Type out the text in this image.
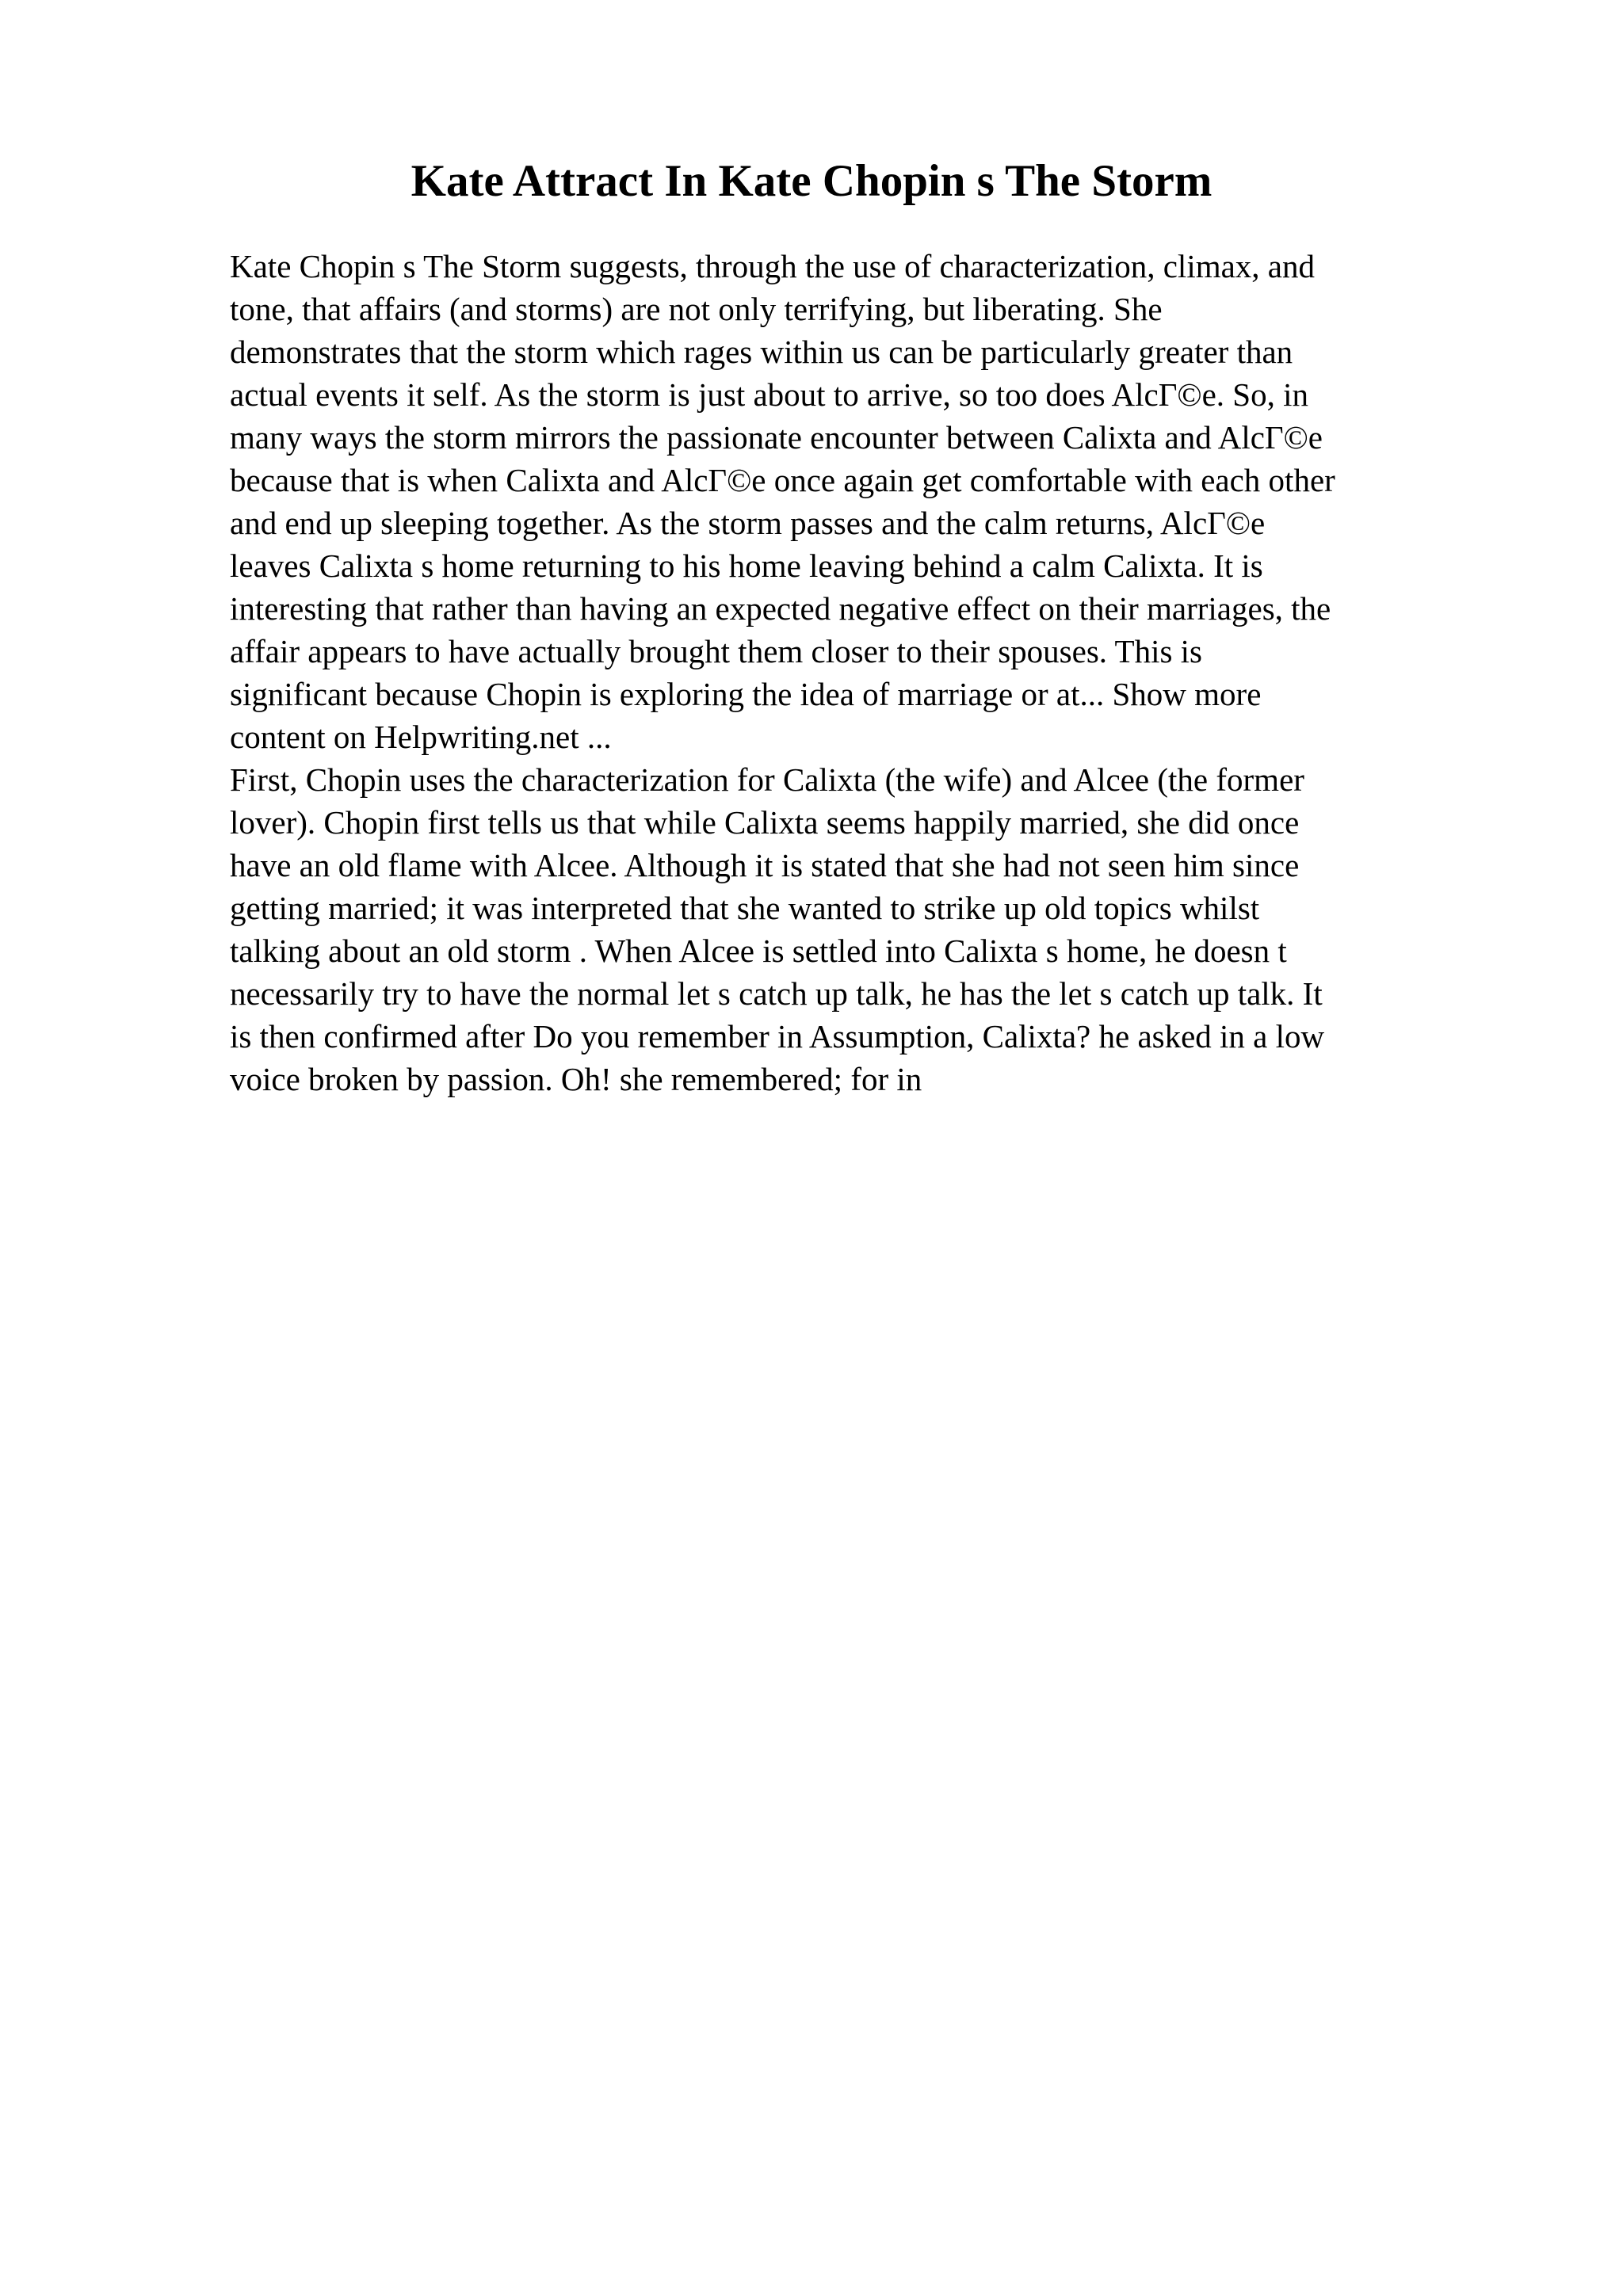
Kate Attract In Kate Chopin s The Storm
Kate Chopin s The Storm suggests, through the use of characterization, climax, and
tone, that affairs (and storms) are not only terrifying, but liberating. She
demonstrates that the storm which rages within us can be particularly greater than
actual events it self. As the storm is just about to arrive, so too does AlcΓ©e. So, in
many ways the storm mirrors the passionate encounter between Calixta and AlcΓ©e
because that is when Calixta and AlcΓ©e once again get comfortable with each other
and end up sleeping together. As the storm passes and the calm returns, AlcΓ©e
leaves Calixta s home returning to his home leaving behind a calm Calixta. It is
interesting that rather than having an expected negative effect on their marriages, the
affair appears to have actually brought them closer to their spouses. This is
significant because Chopin is exploring the idea of marriage or at... Show more
content on Helpwriting.net ...
First, Chopin uses the characterization for Calixta (the wife) and Alcee (the former
lover). Chopin first tells us that while Calixta seems happily married, she did once
have an old flame with Alcee. Although it is stated that she had not seen him since
getting married; it was interpreted that she wanted to strike up old topics whilst
talking about an old storm . When Alcee is settled into Calixta s home, he doesn t
necessarily try to have the normal let s catch up talk, he has the let s catch up talk. It
is then confirmed after Do you remember in Assumption, Calixta? he asked in a low
voice broken by passion. Oh! she remembered; for in
